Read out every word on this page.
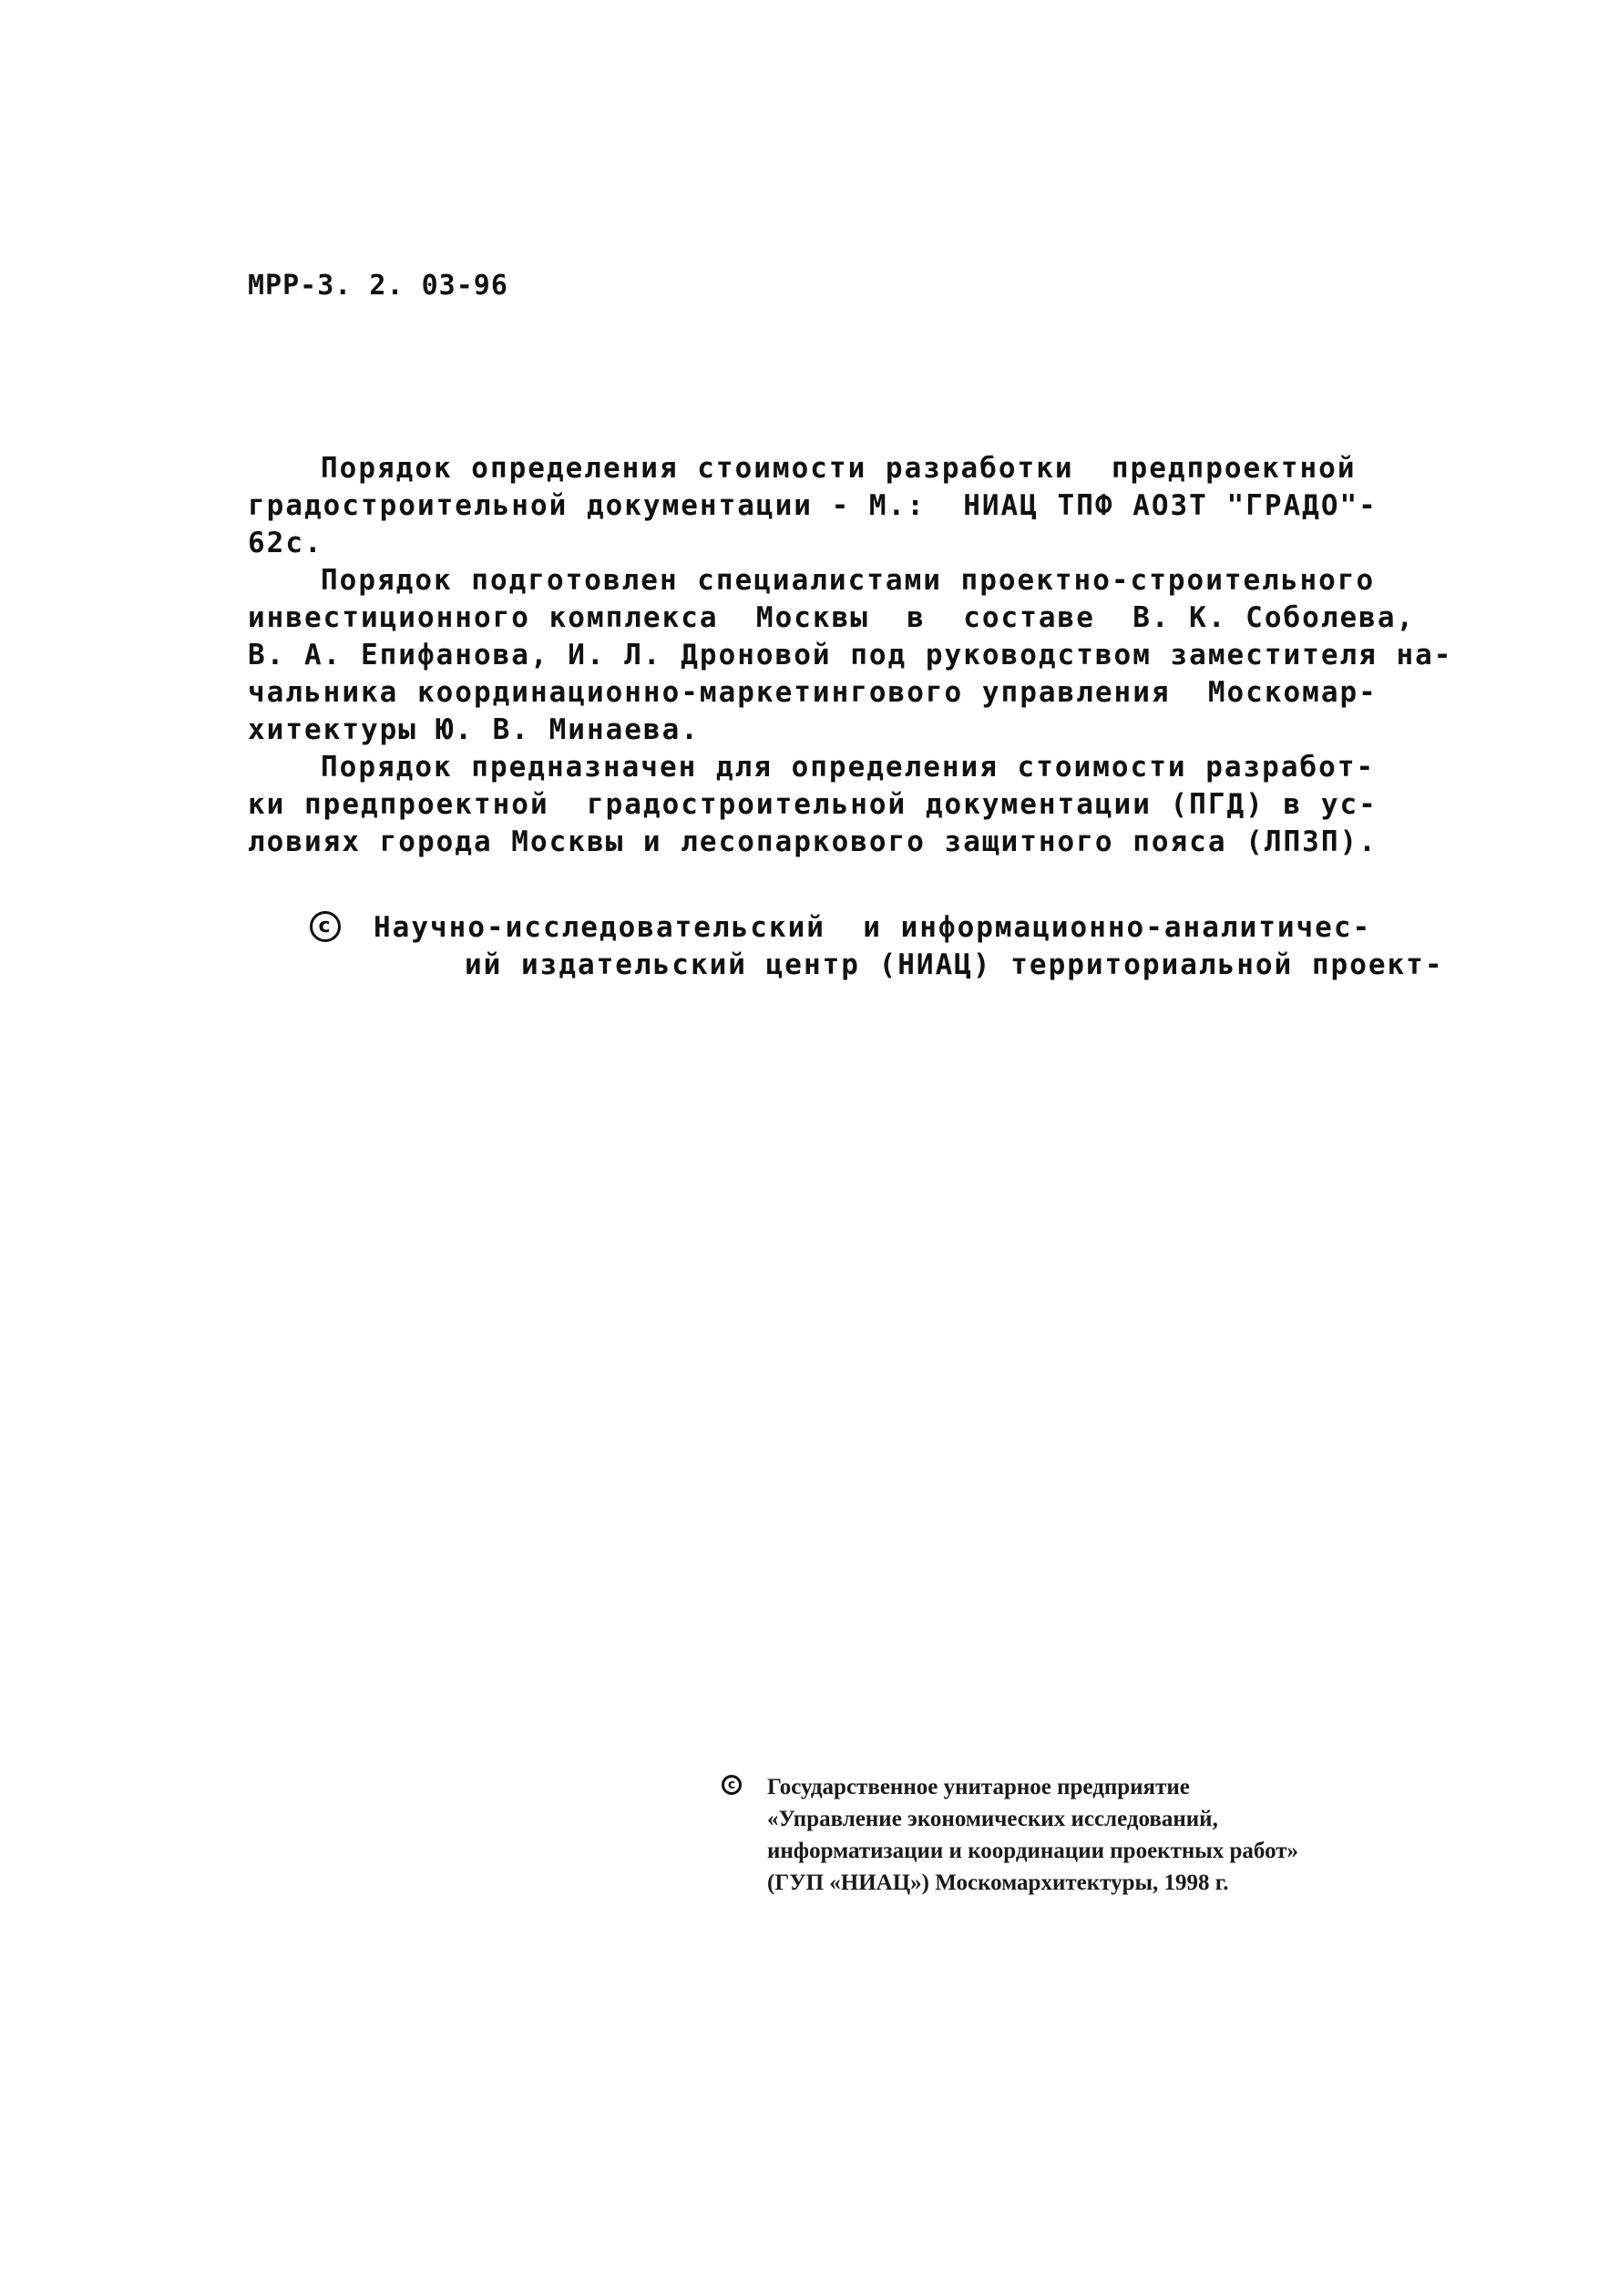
МРР-3. 2. 03-96
Порядок определения стоимости разработки  предпроектной
градостроительной документации - М.:  НИАЦ ТПФ АОЗТ "ГРАДО"-
62с.
Порядок подготовлен специалистами проектно-строительного
инвестиционного комплекса  Москвы  в  составе  В. К. Соболева,
В. А. Епифанова, И. Л. Дроновой под руководством заместителя на-
чальника координационно-маркетингового управления  Москомар-
хитектуры Ю. В. Минаева.
Порядок предназначен для определения стоимости разработ-
ки предпроектной  градостроительной документации (ПГД) в ус-
ловиях города Москвы и лесопаркового защитного пояса (ЛПЗП).
c	Научно-исследовательский  и информационно-аналитичес-
ий издательский центр (НИАЦ) территориальной проект-
c Государственное унитарное предприятие
«Управление экономических исследований,
информатизации и координации проектных работ»
(ГУП «НИАЦ») Москомархитектуры, 1998 г.
